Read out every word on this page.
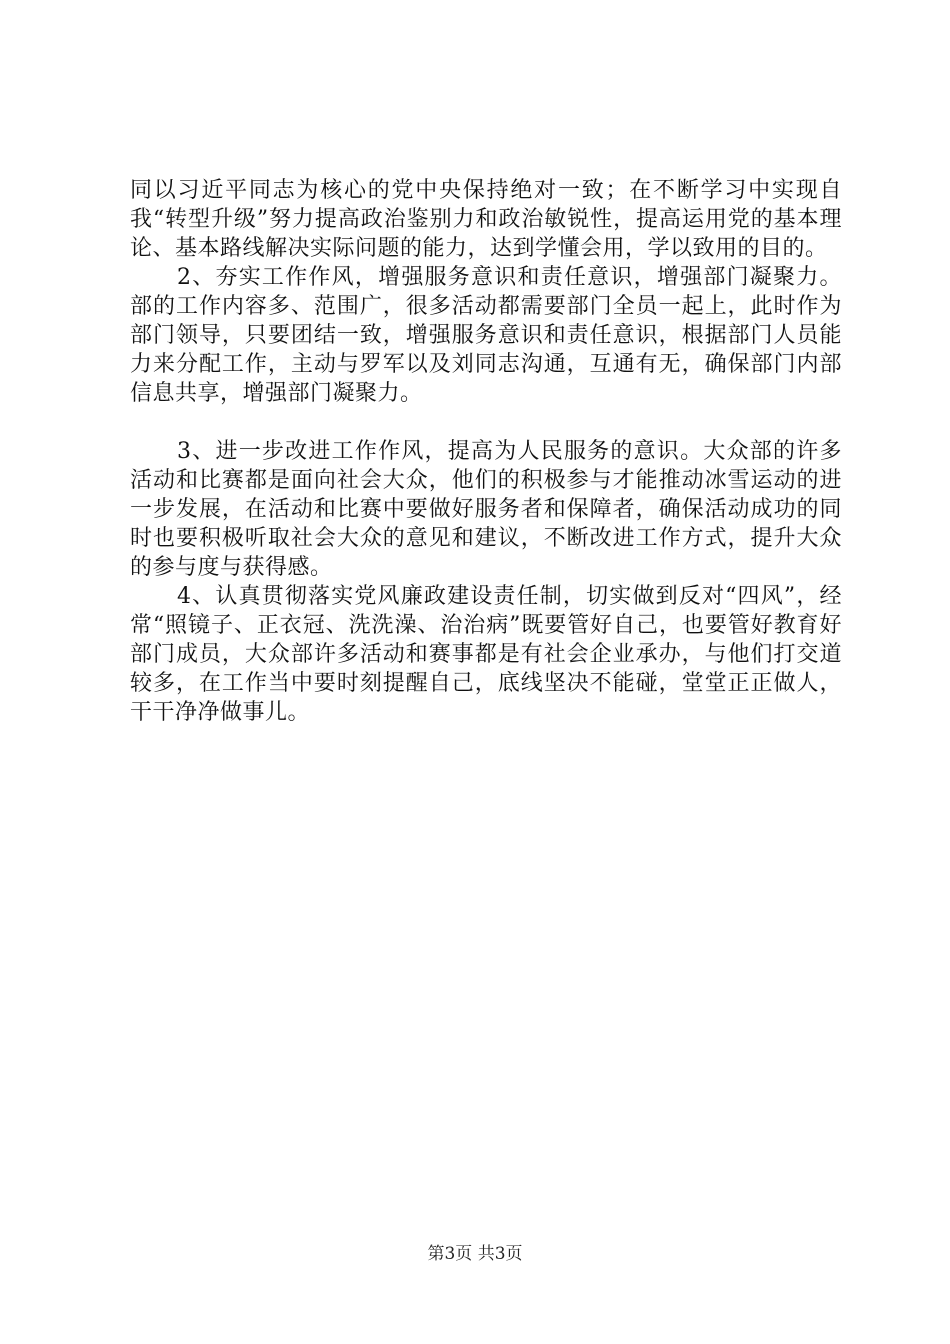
同以习近平同志为核心的党中央保持绝对一致；在不断学习中实现自我“转型升级”努力提高政治鉴别力和政治敏锐性，提高运用党的基本理论、基本路线解决实际问题的能力，达到学懂会用，学以致用的目的。

2、夯实工作作风，增强服务意识和责任意识，增强部门凝聚力。部的工作内容多、范围广，很多活动都需要部门全员一起上，此时作为部门领导，只要团结一致，增强服务意识和责任意识，根据部门人员能力来分配工作，主动与罗军以及刘同志沟通，互通有无，确保部门内部信息共享，增强部门凝聚力。

3、进一步改进工作作风，提高为人民服务的意识。大众部的许多活动和比赛都是面向社会大众，他们的积极参与才能推动冰雪运动的进一步发展，在活动和比赛中要做好服务者和保障者，确保活动成功的同时也要积极听取社会大众的意见和建议，不断改进工作方式，提升大众的参与度与获得感。

4、认真贯彻落实党风廉政建设责任制，切实做到反对“四风”，经常“照镜子、正衣冠、洗洗澡、治治病”既要管好自己，也要管好教育好部门成员，大众部许多活动和赛事都是有社会企业承办，与他们打交道较多，在工作当中要时刻提醒自己，底线坚决不能碰，堂堂正正做人，干干净净做事儿。

第3页 共3页
